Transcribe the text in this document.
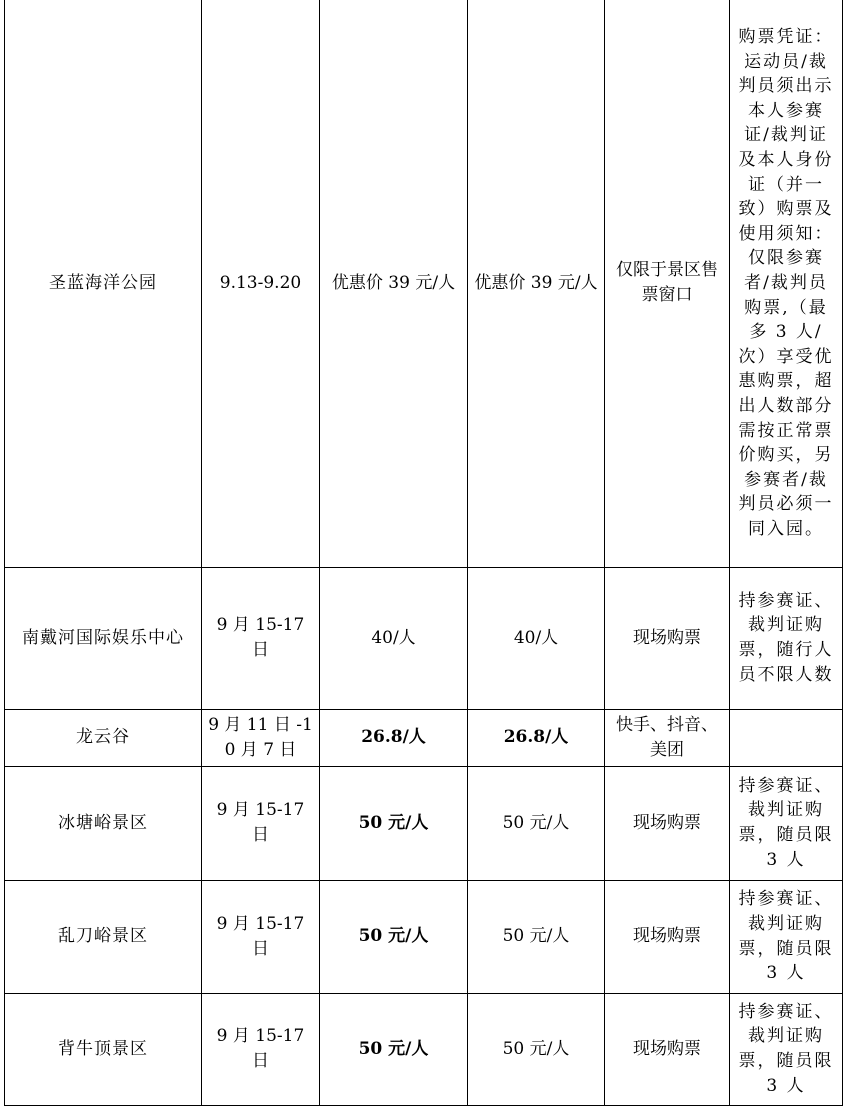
圣蓝海洋公园	9.13-9.20	优惠价 39 元/人	优惠价 39 元/人	仅限于景区售票窗口	购票凭证：运动员/裁判员须出示本人参赛证/裁判证及本人身份证（并一致）购票及使用须知：仅限参赛者/裁判员购票,（最多 3 人/次）享受优惠购票，超出人数部分需按正常票价购买，另参赛者/裁判员必须一同入园。
南戴河国际娱乐中心	9 月 15-17 日	40/人	40/人	现场购票	持参赛证、裁判证购票，随行人员不限人数
龙云谷	9 月 11 日 -10 月 7 日	26.8/人	26.8/人	快手、抖音、美团	
冰塘峪景区	9 月 15-17 日	50 元/人	50 元/人	现场购票	持参赛证、裁判证购票，随员限 3 人
乱刀峪景区	9 月 15-17 日	50 元/人	50 元/人	现场购票	持参赛证、裁判证购票，随员限 3 人
背牛顶景区	9 月 15-17 日	50 元/人	50 元/人	现场购票	持参赛证、裁判证购票，随员限 3 人
